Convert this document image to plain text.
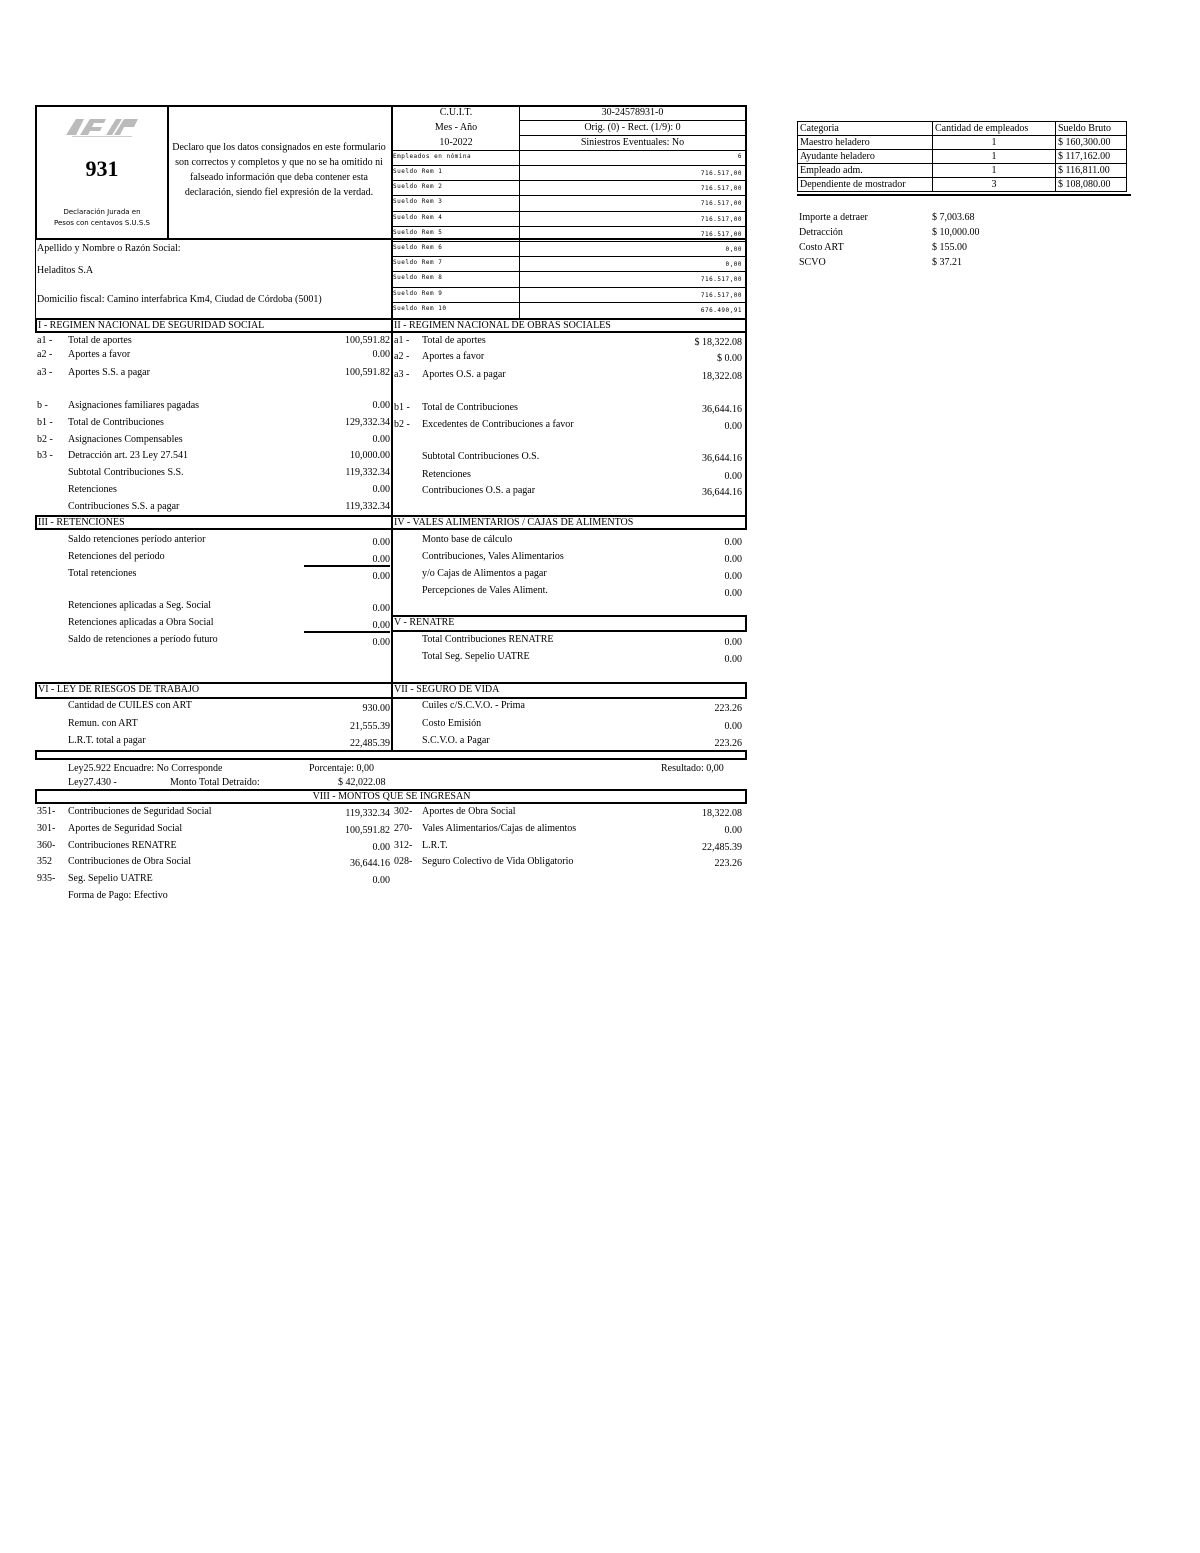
931
Declaración Jurada en
Pesos con centavos S.U.S.S
Declaro que los datos consignados en este formulario son correctos y completos y que no se ha omitido ni falseado información que deba contener esta declaración, siendo fiel expresión de la verdad.
C.U.I.T.	30-24578931-0
Mes - Año	Orig. (0) - Rect. (1/9): 0
10-2022	Siniestros Eventuales: No
Empleados en nómina	6
Sueldo Rem 1	716.517,00
Sueldo Rem 2	716.517,00
Sueldo Rem 3	716.517,00
Sueldo Rem 4	716.517,00
Sueldo Rem 5	716.517,00
Sueldo Rem 6	0,00
Sueldo Rem 7	0,00
Sueldo Rem 8	716.517,00
Sueldo Rem 9	716.517,00
Sueldo Rem 10	676.490,91
Apellido y Nombre o Razón Social:
Heladitos S.A
Domicilio fiscal: Camino interfabrica Km4, Ciudad de Córdoba (5001)
I - REGIMEN NACIONAL DE SEGURIDAD SOCIAL	II - REGIMEN NACIONAL DE OBRAS SOCIALES
a1 - Total de aportes	100,591.82
a2 - Aportes a favor	0.00
a3 - Aportes S.S. a pagar	100,591.82
b - Asignaciones familiares pagadas	0.00
b1 - Total de Contribuciones	129,332.34
b2 - Asignaciones Compensables	0.00
b3 - Detracción art. 23 Ley 27.541	10,000.00
Subtotal Contribuciones S.S.	119,332.34
Retenciones	0.00
Contribuciones S.S. a pagar	119,332.34
a1 - Total de aportes	$ 18,322.08
a2 - Aportes a favor	$ 0.00
a3 - Aportes O.S. a pagar	18,322.08
b1 - Total de Contribuciones	36,644.16
b2 - Excedentes de Contribuciones a favor	0.00
Subtotal Contribuciones O.S.	36,644.16
Retenciones	0.00
Contribuciones O.S. a pagar	36,644.16
III - RETENCIONES	IV - VALES ALIMENTARIOS / CAJAS DE ALIMENTOS
Saldo retenciones período anterior	0.00
Retenciones del período	0.00
Total retenciones	0.00
Retenciones aplicadas a Seg. Social	0.00
Retenciones aplicadas a Obra Social	0.00
Saldo de retenciones a período futuro	0.00
Monto base de cálculo	0.00
Contribuciones, Vales Alimentarios	0.00
y/o Cajas de Alimentos a pagar	0.00
Percepciones de Vales Aliment.	0.00
V - RENATRE
Total Contribuciones RENATRE	0.00
Total Seg. Sepelio UATRE	0.00
VI - LEY DE RIESGOS DE TRABAJO	VII - SEGURO DE VIDA
Cantidad de CUILES con ART	930.00
Remun. con ART	21,555.39
L.R.T. total a pagar	22,485.39
Cuiles c/S.C.V.O. - Prima	223.26
Costo Emisión	0.00
S.C.V.O. a Pagar	223.26
Ley25.922 Encuadre: No Corresponde	Porcentaje: 0,00	Resultado: 0,00
Ley27.430 -	Monto Total Detraído:	$ 42,022.08
VIII - MONTOS QUE SE INGRESAN
351- Contribuciones de Seguridad Social	119,332.34
301- Aportes de Seguridad Social	100,591.82
360- Contribuciones RENATRE	0.00
352 Contribuciones de Obra Social	36,644.16
935- Seg. Sepelio UATRE	0.00
302- Aportes de Obra Social	18,322.08
270- Vales Alimentarios/Cajas de alimentos	0.00
312- L.R.T.	22,485.39
028- Seguro Colectivo de Vida Obligatorio	223.26
Forma de Pago: Efectivo
Categoria	Cantidad de empleados	Sueldo Bruto
Maestro heladero	1	$ 160,300.00
Ayudante heladero	1	$ 117,162.00
Empleado adm.	1	$ 116,811.00
Dependiente de mostrador	3	$ 108,080.00
Importe a detraer	$ 7,003.68
Detracción	$ 10,000.00
Costo ART	$ 155.00
SCVO	$ 37.21
